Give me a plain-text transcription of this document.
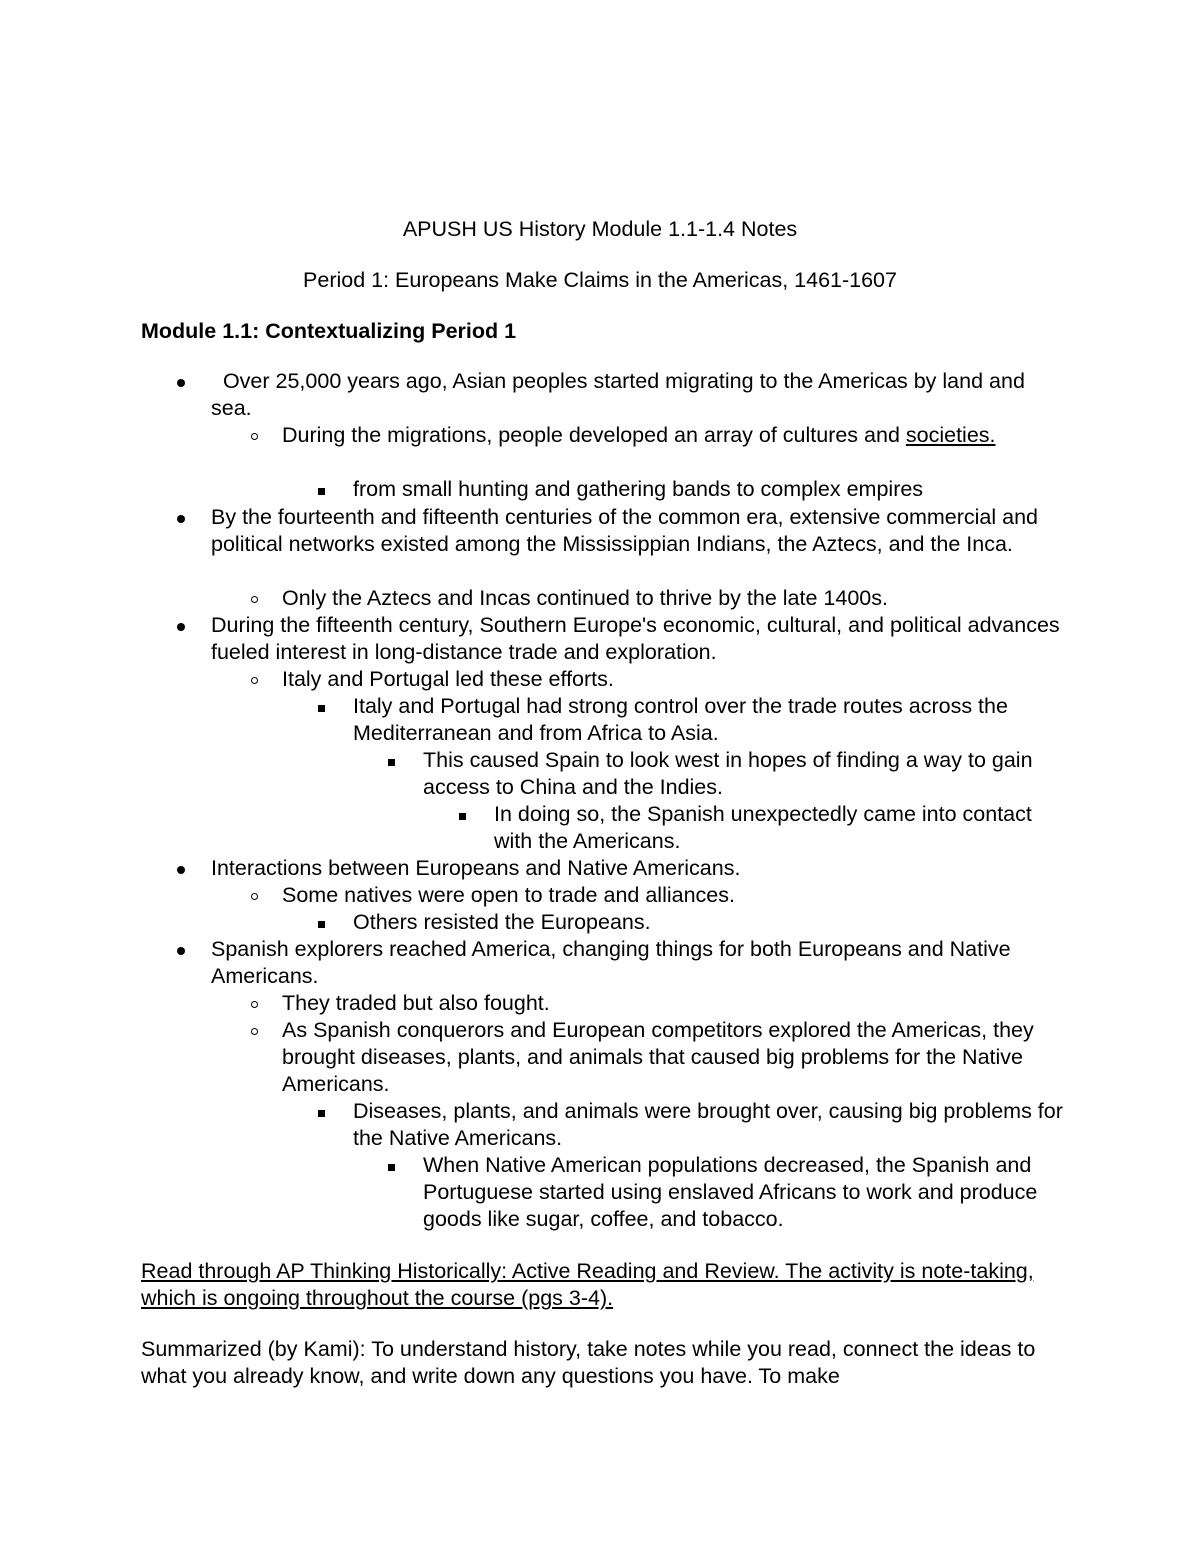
APUSH US History Module 1.1-1.4 Notes
Period 1: Europeans Make Claims in the Americas, 1461-1607
Module 1.1: Contextualizing Period 1
Over 25,000 years ago, Asian peoples started migrating to the Americas by land and sea.
During the migrations, people developed an array of cultures and societies.
from small hunting and gathering bands to complex empires
By the fourteenth and fifteenth centuries of the common era, extensive commercial and political networks existed among the Mississippian Indians, the Aztecs, and the Inca.
Only the Aztecs and Incas continued to thrive by the late 1400s.
During the fifteenth century, Southern Europe's economic, cultural, and political advances fueled interest in long-distance trade and exploration.
Italy and Portugal led these efforts.
Italy and Portugal had strong control over the trade routes across the Mediterranean and from Africa to Asia.
This caused Spain to look west in hopes of finding a way to gain access to China and the Indies.
In doing so, the Spanish unexpectedly came into contact with the Americans.
Interactions between Europeans and Native Americans.
Some natives were open to trade and alliances.
Others resisted the Europeans.
Spanish explorers reached America, changing things for both Europeans and Native Americans.
They traded but also fought.
As Spanish conquerors and European competitors explored the Americas, they brought diseases, plants, and animals that caused big problems for the Native Americans.
Diseases, plants, and animals were brought over, causing big problems for the Native Americans.
When Native American populations decreased, the Spanish and Portuguese started using enslaved Africans to work and produce goods like sugar, coffee, and tobacco.
Read through AP Thinking Historically: Active Reading and Review. The activity is note-taking, which is ongoing throughout the course (pgs 3-4).
Summarized (by Kami): To understand history, take notes while you read, connect the ideas to what you already know, and write down any questions you have. To make
